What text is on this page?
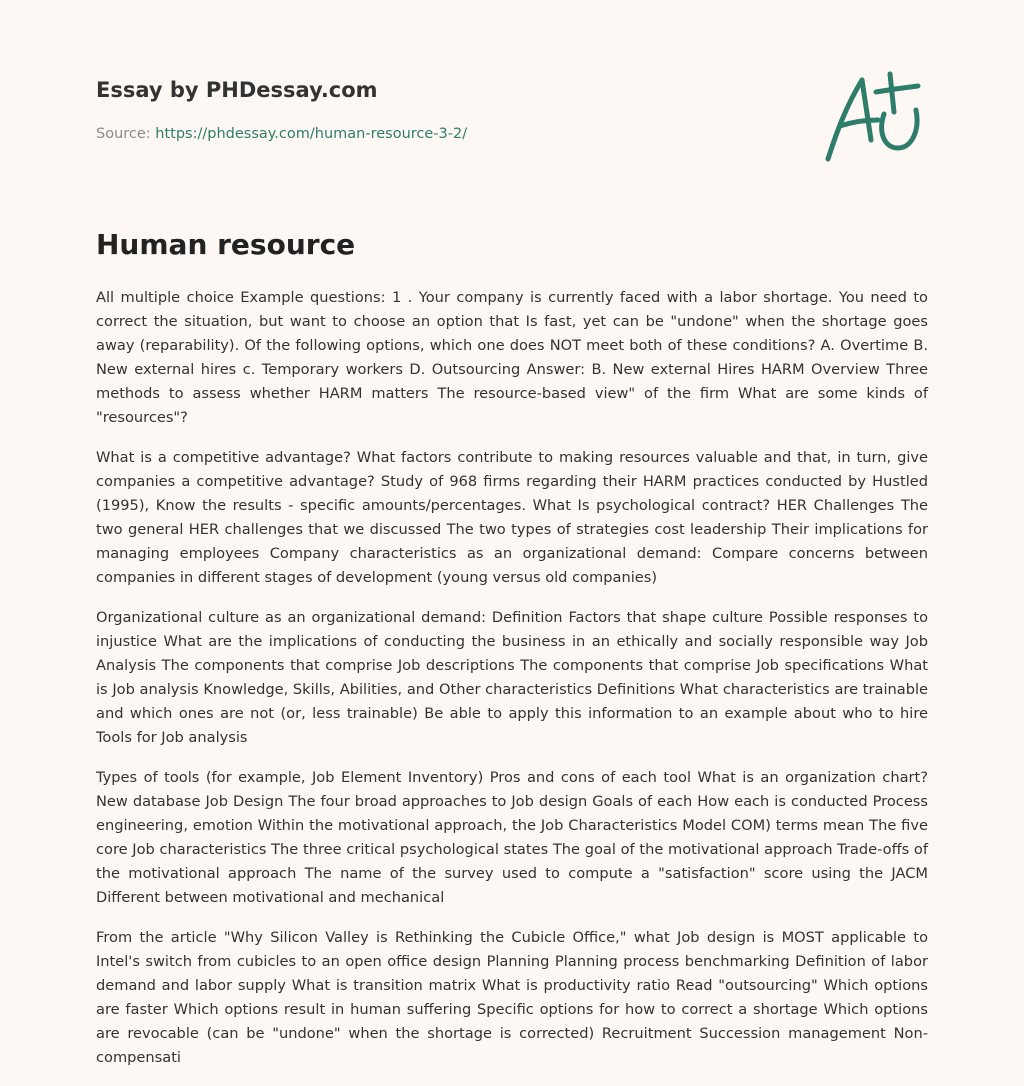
Essay by PHDessay.com
Source: https://phdessay.com/human-resource-3-2/
Human resource

All multiple choice Example questions: 1 . Your company is currently faced with a labor shortage. You need to correct the situation, but want to choose an option that Is fast, yet can be "undone" when the shortage goes away (reparability). Of the following options, which one does NOT meet both of these conditions? A. Overtime B. New external hires c. Temporary workers D. Outsourcing Answer: B. New external Hires HARM Overview Three methods to assess whether HARM matters The resource-based view" of the firm What are some kinds of "resources"?

What is a competitive advantage? What factors contribute to making resources valuable and that, in turn, give companies a competitive advantage? Study of 968 firms regarding their HARM practices conducted by Hustled (1995), Know the results - specific amounts/percentages. What Is psychological contract? HER Challenges The two general HER challenges that we discussed The two types of strategies cost leadership Their implications for managing employees Company characteristics as an organizational demand: Compare concerns between companies in different stages of development (young versus old companies)

Organizational culture as an organizational demand: Definition Factors that shape culture Possible responses to injustice What are the implications of conducting the business in an ethically and socially responsible way Job Analysis The components that comprise Job descriptions The components that comprise Job specifications What is Job analysis Knowledge, Skills, Abilities, and Other characteristics Definitions What characteristics are trainable and which ones are not (or, less trainable) Be able to apply this information to an example about who to hire Tools for Job analysis

Types of tools (for example, Job Element Inventory) Pros and cons of each tool What is an organization chart? New database Job Design The four broad approaches to Job design Goals of each How each is conducted Process engineering, emotion Within the motivational approach, the Job Characteristics Model COM) terms mean The five core Job characteristics The three critical psychological states The goal of the motivational approach Trade-offs of the motivational approach The name of the survey used to compute a "satisfaction" score using the JACM Different between motivational and mechanical

From the article "Why Silicon Valley is Rethinking the Cubicle Office," what Job design is MOST applicable to Intel's switch from cubicles to an open office design Planning Planning process benchmarking Definition of labor demand and labor supply What is transition matrix What is productivity ratio Read "outsourcing" Which options are faster Which options result in human suffering Specific options for how to correct a shortage Which options are revocable (can be "undone" when the shortage is corrected) Recruitment Succession management Non-compensati
